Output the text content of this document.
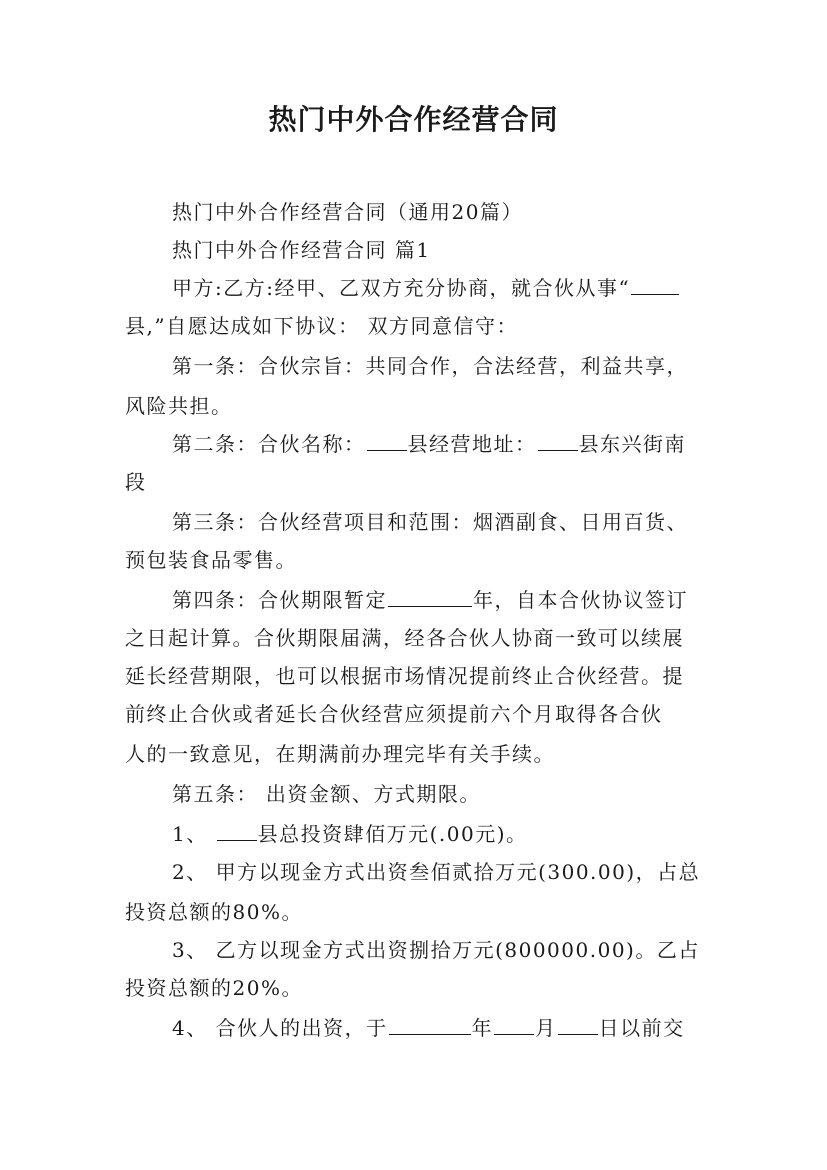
热门中外合作经营合同
热门中外合作经营合同（通用20篇）
热门中外合作经营合同 篇1
甲方:乙方:经甲、乙双方充分协商，就合伙从事“
县,”自愿达成如下协议： 双方同意信守：
第一条：合伙宗旨：共同合作，合法经营，利益共享，
风险共担。
第二条：合伙名称： 县经营地址： 县东兴街南
段
第三条：合伙经营项目和范围：烟酒副食、日用百货、
预包装食品零售。
第四条：合伙期限暂定	年，自本合伙协议签订
之日起计算。合伙期限届满，经各合伙人协商一致可以续展
延长经营期限，也可以根据市场情况提前终止合伙经营。提
前终止合伙或者延长合伙经营应须提前六个月取得各合伙
人的一致意见，在期满前办理完毕有关手续。
第五条： 出资金额、方式期限。
1、 县总投资肆佰万元(.00元)。
2、 甲方以现金方式出资叁佰贰拾万元(300.00)，占总
投资总额的80%。
3、 乙方以现金方式出资捌拾万元(800000.00)。乙占
投资总额的20%。
4、 合伙人的出资，于	年 月 日以前交
